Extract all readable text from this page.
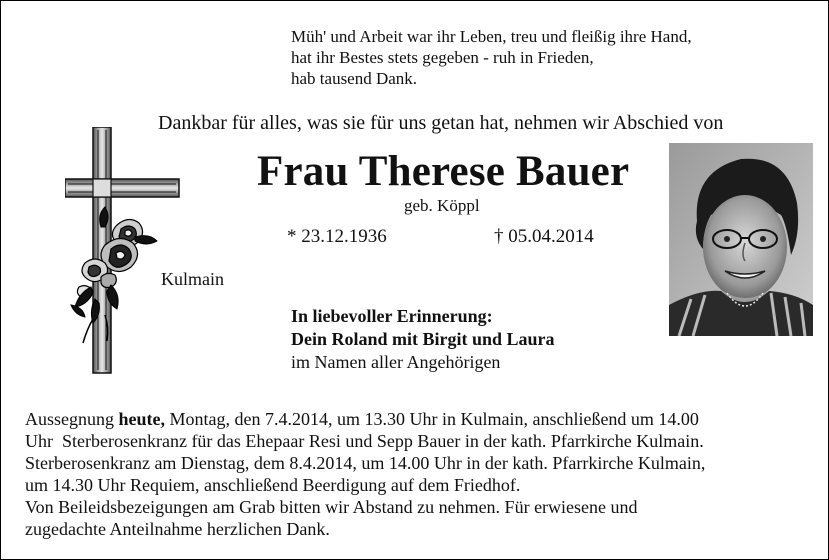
Müh' und Arbeit war ihr Leben, treu und fleißig ihre Hand,
hat ihr Bestes stets gegeben - ruh in Frieden,
hab tausend Dank.
Dankbar für alles, was sie für uns getan hat, nehmen wir Abschied von
Frau Therese Bauer
geb. Köppl
* 23.12.1936	† 05.04.2014
Kulmain
In liebevoller Erinnerung:
Dein Roland mit Birgit und Laura
im Namen aller Angehörigen
Aussegnung heute, Montag, den 7.4.2014, um 13.30 Uhr in Kulmain, anschließend um 14.00
Uhr  Sterberosenkranz für das Ehepaar Resi und Sepp Bauer in der kath. Pfarrkirche Kulmain.
Sterberosenkranz am Dienstag, dem 8.4.2014, um 14.00 Uhr in der kath. Pfarrkirche Kulmain,
um 14.30 Uhr Requiem, anschließend Beerdigung auf dem Friedhof.
Von Beileidsbezeigungen am Grab bitten wir Abstand zu nehmen. Für erwiesene und
zugedachte Anteilnahme herzlichen Dank.
